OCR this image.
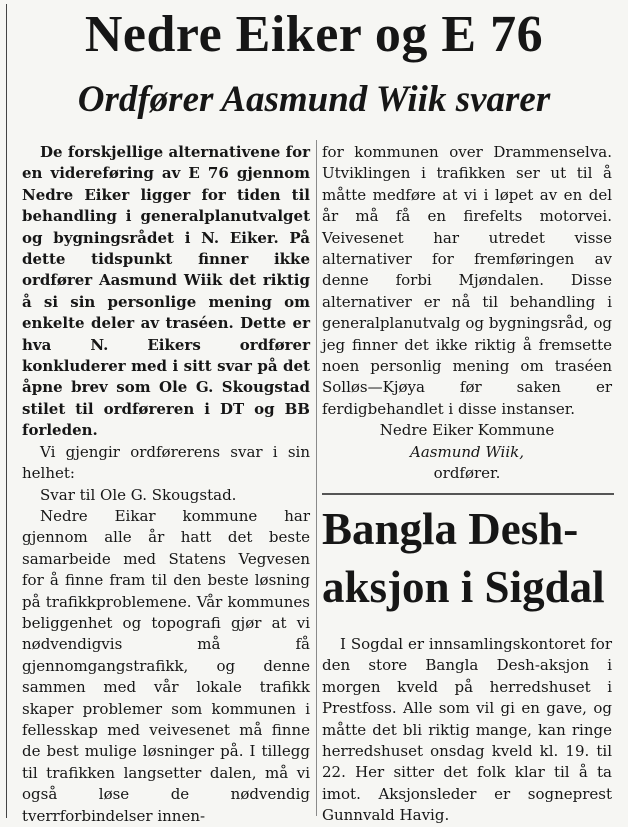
Nedre Eiker og E 76
Ordfører Aasmund Wiik svarer

De forskjellige alternativene for en videreføring av E 76 gjennom Nedre Eiker ligger for tiden til behandling i generalplanutvalget og bygningsrådet i N. Eiker. På dette tidspunkt finner ikke ordfører Aasmund Wiik det riktig å si sin personlige mening om enkelte deler av traséen. Dette er hva N. Eikers ordfører konkluderer med i sitt svar på det åpne brev som Ole G. Skougstad stilet til ordføreren i DT og BB forleden.

Vi gjengir ordførerens svar i sin helhet:

Svar til Ole G. Skougstad.

Nedre Eikar kommune har gjennom alle år hatt det beste samarbeide med Statens Vegvesen for å finne fram til den beste løsning på trafikkproblemene. Vår kommunes beliggenhet og topografi gjør at vi nødvendigvis må få gjennomgangstrafikk, og denne sammen med vår lokale trafikk skaper problemer som kommunen i fellesskap med veivesenet må finne de best mulige løsninger på. I tillegg til trafikken langsetter dalen, må vi også løse de nødvendig tverrforbindelser innen-

for kommunen over Drammenselva. Utviklingen i trafikken ser ut til å måtte medføre at vi i løpet av en del år må få en firefelts motorvei. Veivesenet har utredet visse alternativer for fremføringen av denne forbi Mjøndalen. Disse alternativer er nå til behandling i generalplanutvalg og bygningsråd, og jeg finner det ikke riktig å fremsette noen personlig mening om traséen Solløs—Kjøya før saken er ferdigbehandlet i disse instanser.

Nedre Eiker Kommune

Aasmund Wiik,

ordfører.

Bangla Desh-
aksjon i Sigdal

I Sogdal er innsamlingskontoret for den store Bangla Desh-aksjon i morgen kveld på herredshuset i Prestfoss. Alle som vil gi en gave, og måtte det bli riktig mange, kan ringe herredshuset onsdag kveld kl. 19. til 22. Her sitter det folk klar til å ta imot. Aksjonsleder er sogneprest Gunnvald Havig.
